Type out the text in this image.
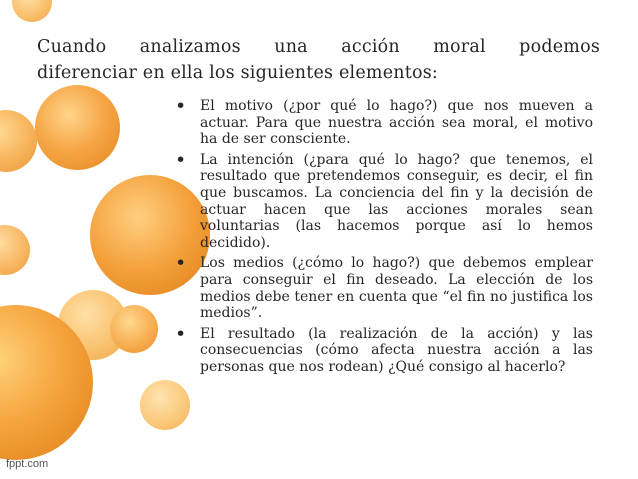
Cuando analizamos una acción moral podemos
diferenciar en ella los siguientes elementos:
• El motivo (¿por qué lo hago?) que nos mueven a actuar. Para que nuestra acción sea moral, el motivo ha de ser consciente.
• La intención (¿para qué lo hago? que tenemos, el resultado que pretendemos conseguir, es decir, el fin que buscamos. La conciencia del fin y la decisión de actuar hacen que las acciones morales sean voluntarias (las hacemos porque así lo hemos decidido).
• Los medios (¿cómo lo hago?) que debemos emplear para conseguir el fin deseado. La elección de los medios debe tener en cuenta que “el fin no justifica los medios”.
• El resultado (la realización de la acción) y las consecuencias (cómo afecta nuestra acción a las personas que nos rodean) ¿Qué consigo al hacerlo?
fppt.com
